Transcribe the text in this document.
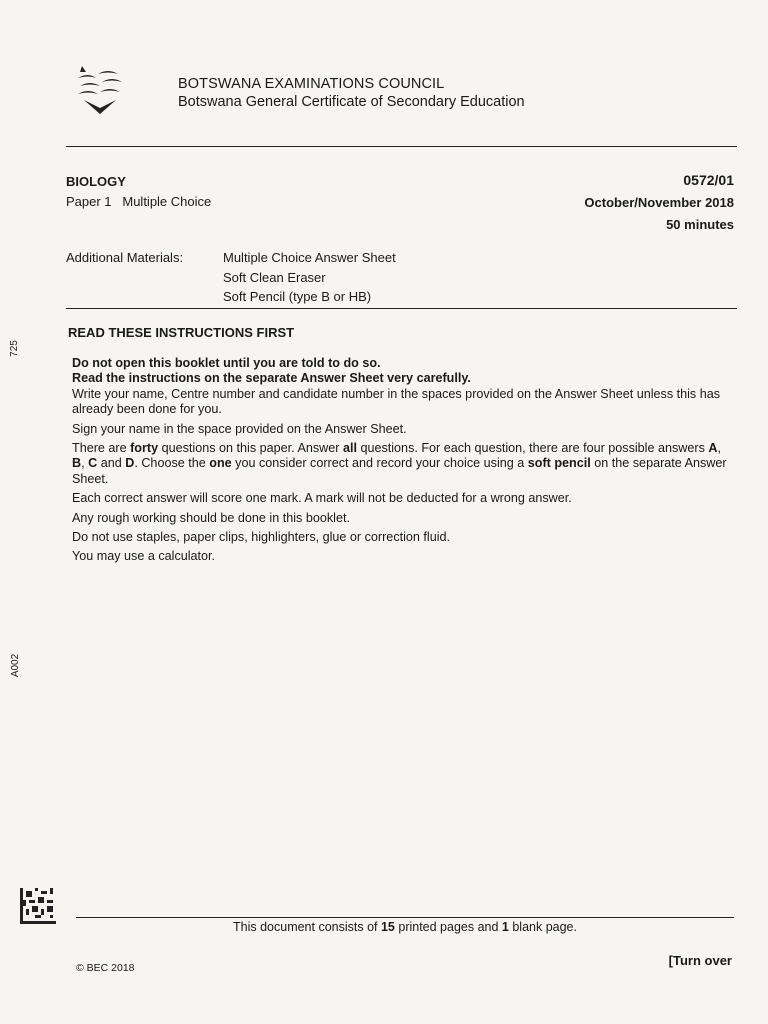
BOTSWANA EXAMINATIONS COUNCIL
Botswana General Certificate of Secondary Education
BIOLOGY
Paper 1   Multiple Choice
0572/01
October/November 2018
50 minutes
Additional Materials:	Multiple Choice Answer Sheet
Soft Clean Eraser
Soft Pencil (type B or HB)
READ THESE INSTRUCTIONS FIRST

Do not open this booklet until you are told to do so.

Read the instructions on the separate Answer Sheet very carefully.

Write your name, Centre number and candidate number in the spaces provided on the Answer Sheet unless this has already been done for you.

Sign your name in the space provided on the Answer Sheet.

There are forty questions on this paper. Answer all questions. For each question, there are four possible answers A, B, C and D. Choose the one you consider correct and record your choice using a soft pencil on the separate Answer Sheet.

Each correct answer will score one mark. A mark will not be deducted for a wrong answer.

Any rough working should be done in this booklet.

Do not use staples, paper clips, highlighters, glue or correction fluid.

You may use a calculator.

725
A002
This document consists of 15 printed pages and 1 blank page.
© BEC 2018	[Turn over
